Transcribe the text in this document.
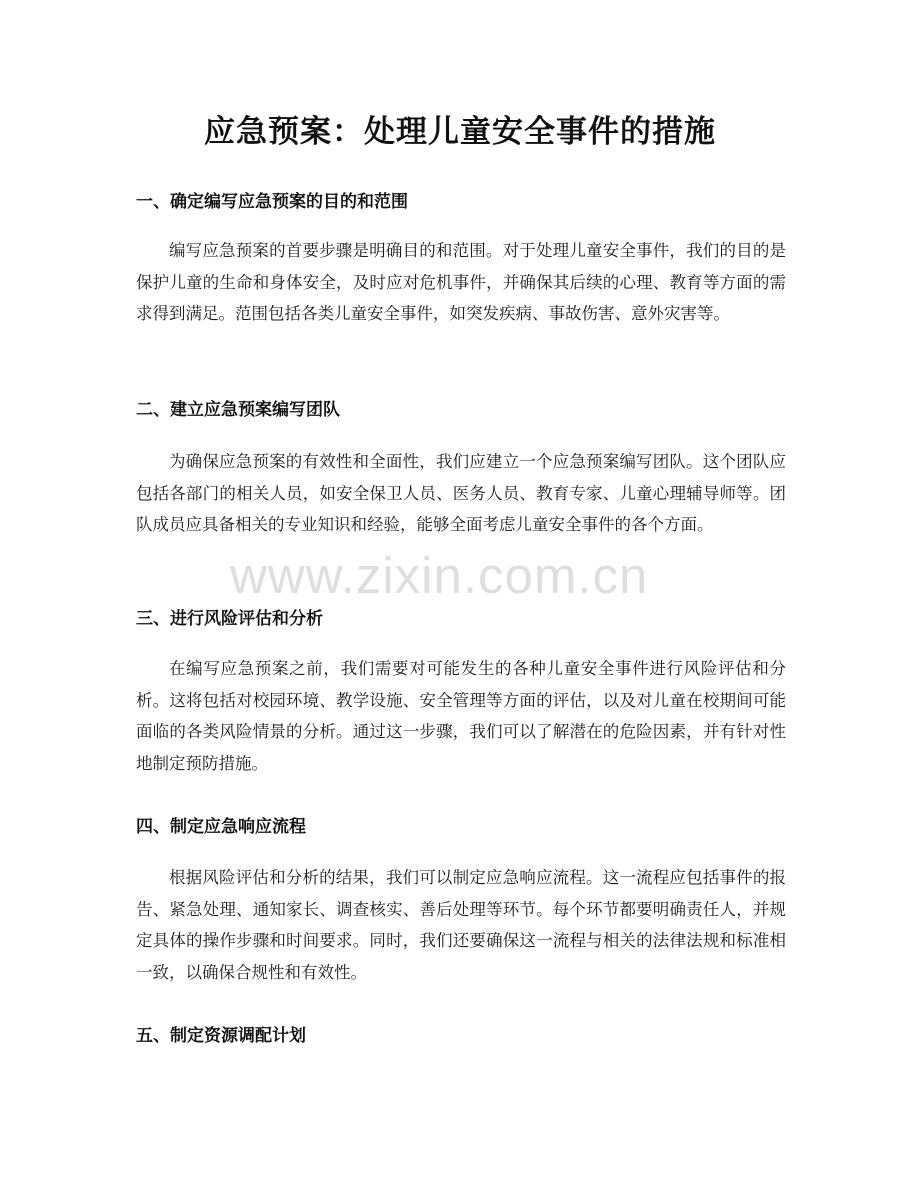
应急预案：处理儿童安全事件的措施
一、确定编写应急预案的目的和范围

编写应急预案的首要步骤是明确目的和范围。对于处理儿童安全事件，我们的目的是保护儿童的生命和身体安全，及时应对危机事件，并确保其后续的心理、教育等方面的需求得到满足。范围包括各类儿童安全事件，如突发疾病、事故伤害、意外灾害等。

二、建立应急预案编写团队

为确保应急预案的有效性和全面性，我们应建立一个应急预案编写团队。这个团队应包括各部门的相关人员，如安全保卫人员、医务人员、教育专家、儿童心理辅导师等。团队成员应具备相关的专业知识和经验，能够全面考虑儿童安全事件的各个方面。

三、进行风险评估和分析

在编写应急预案之前，我们需要对可能发生的各种儿童安全事件进行风险评估和分析。这将包括对校园环境、教学设施、安全管理等方面的评估，以及对儿童在校期间可能面临的各类风险情景的分析。通过这一步骤，我们可以了解潜在的危险因素，并有针对性地制定预防措施。

四、制定应急响应流程

根据风险评估和分析的结果，我们可以制定应急响应流程。这一流程应包括事件的报告、紧急处理、通知家长、调查核实、善后处理等环节。每个环节都要明确责任人，并规定具体的操作步骤和时间要求。同时，我们还要确保这一流程与相关的法律法规和标准相一致，以确保合规性和有效性。

五、制定资源调配计划
www.zixin.com.cn
